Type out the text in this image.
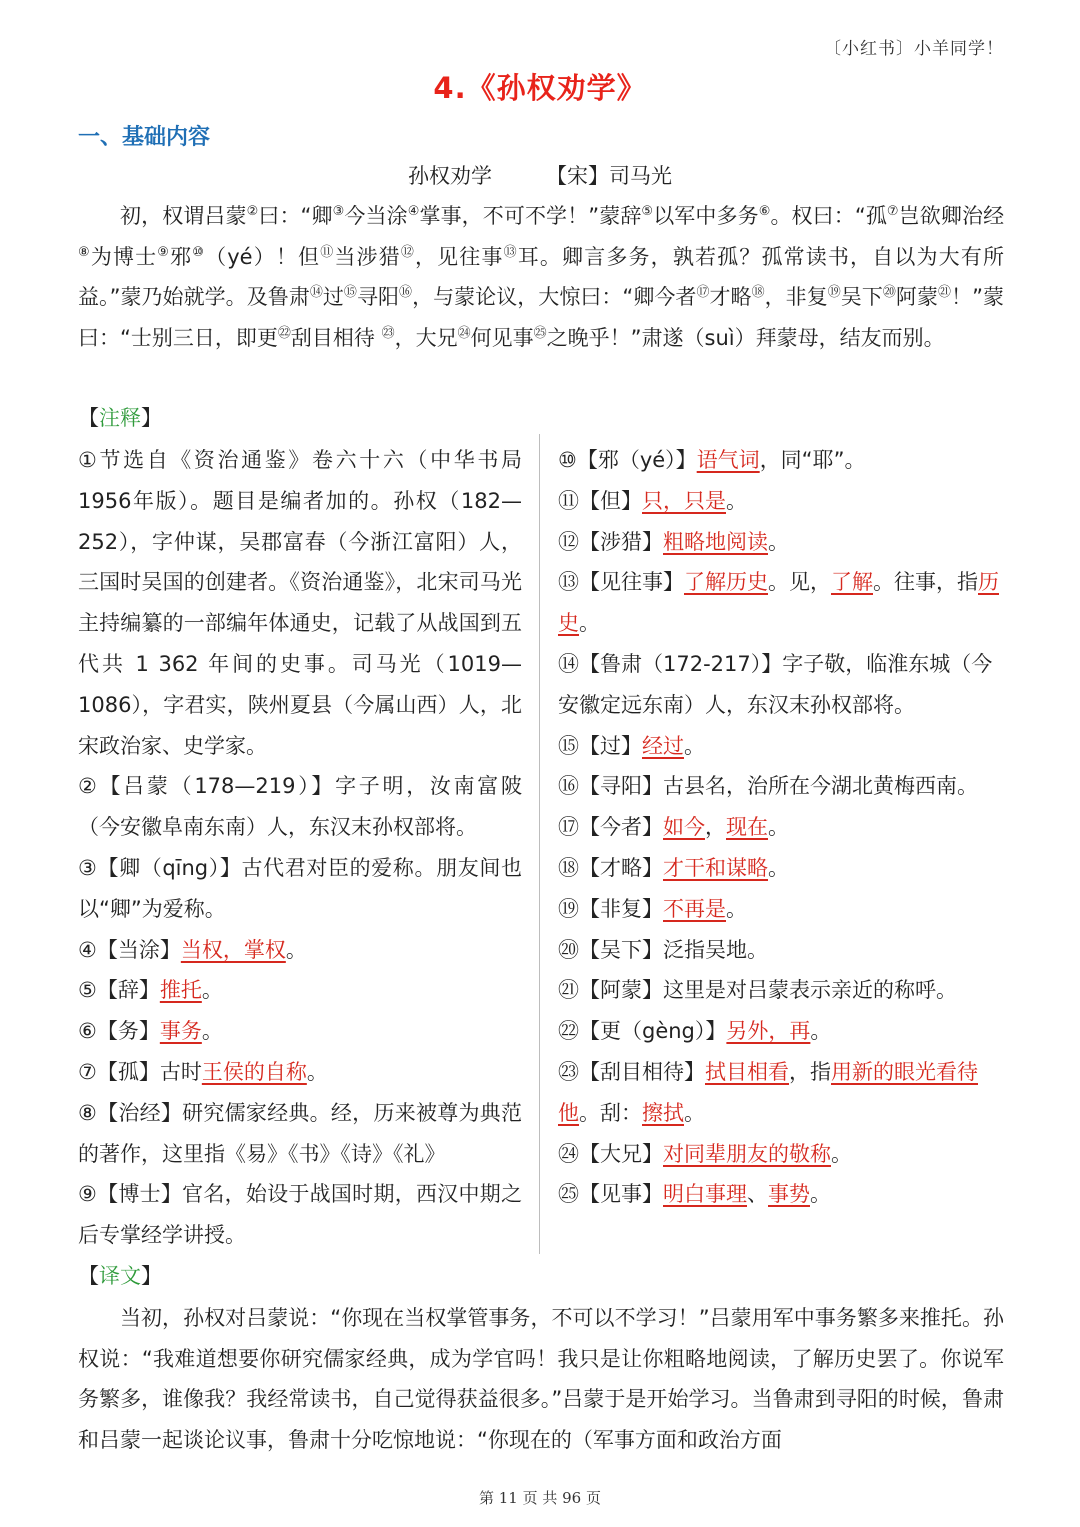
〔小红书〕小羊同学！
4.《孙权劝学》
一、基础内容
孙权劝学	【宋】司马光
初，权谓吕蒙②曰：“卿③今当涂④掌事，不可不学！”蒙辞⑤以军中多务⑥。权曰：“孤⑦岂欲卿治经⑧为博士⑨邪⑩（yé）！但⑪当涉猎⑫，见往事⑬耳。卿言多务，孰若孤？孤常读书，自以为大有所益。”蒙乃始就学。及鲁肃⑭过⑮寻阳⑯，与蒙论议，大惊曰：“卿今者⑰才略⑱，非复⑲吴下⑳阿蒙$^㉑$！”蒙曰：“士别三日，即更$^㉒$刮目相待 $^㉓$，大兄$^㉔$何见事$^㉕$之晚乎！”肃遂（suì）拜蒙母，结友而别。
【注释】

①节选自《资治通鉴》卷六十六（中华书局1956年版）。题目是编者加的。孙权（182—252），字仲谋，吴郡富春（今浙江富阳）人，三国时吴国的创建者。《资治通鉴》，北宋司马光主持编纂的一部编年体通史，记载了从战国到五代共 1 362 年间的史事。司马光（1019—1086），字君实，陕州夏县（今属山西）人，北宋政治家、史学家。

②【吕蒙（178—219）】字子明，汝南富陂（今安徽阜南东南）人，东汉末孙权部将。

③【卿（qīng）】古代君对臣的爱称。朋友间也以“卿”为爱称。

④【当涂】当权，掌权。

⑤【辞】推托。

⑥【务】事务。

⑦【孤】古时王侯的自称。

⑧【治经】研究儒家经典。经，历来被尊为典范的著作，这里指《易》《书》《诗》《礼》

⑨【博士】官名，始设于战国时期，西汉中期之后专掌经学讲授。

⑩【邪（yé）】语气词，同“耶”。

⑪【但】只，只是。

⑫【涉猎】粗略地阅读。

⑬【见往事】了解历史。见，了解。往事，指历史。

⑭【鲁肃（172-217）】字子敬，临淮东城（今安徽定远东南）人，东汉末孙权部将。

⑮【过】经过。

⑯【寻阳】古县名，治所在今湖北黄梅西南。

⑰【今者】如今，现在。

⑱【才略】才干和谋略。

⑲【非复】不再是。

⑳【吴下】泛指吴地。

㉑【阿蒙】这里是对吕蒙表示亲近的称呼。

㉒【更（gèng）】另外，再。

㉓【刮目相待】拭目相看，指用新的眼光看待他。刮：擦拭。

㉔【大兄】对同辈朋友的敬称。

㉕【见事】明白事理、事势。

【译文】
当初，孙权对吕蒙说：“你现在当权掌管事务，不可以不学习！”吕蒙用军中事务繁多来推托。孙权说：“我难道想要你研究儒家经典，成为学官吗！我只是让你粗略地阅读，了解历史罢了。你说军务繁多，谁像我？我经常读书，自己觉得获益很多。”吕蒙于是开始学习。当鲁肃到寻阳的时候，鲁肃和吕蒙一起谈论议事，鲁肃十分吃惊地说：“你现在的（军事方面和政治方面
第 11 页 共 96 页
